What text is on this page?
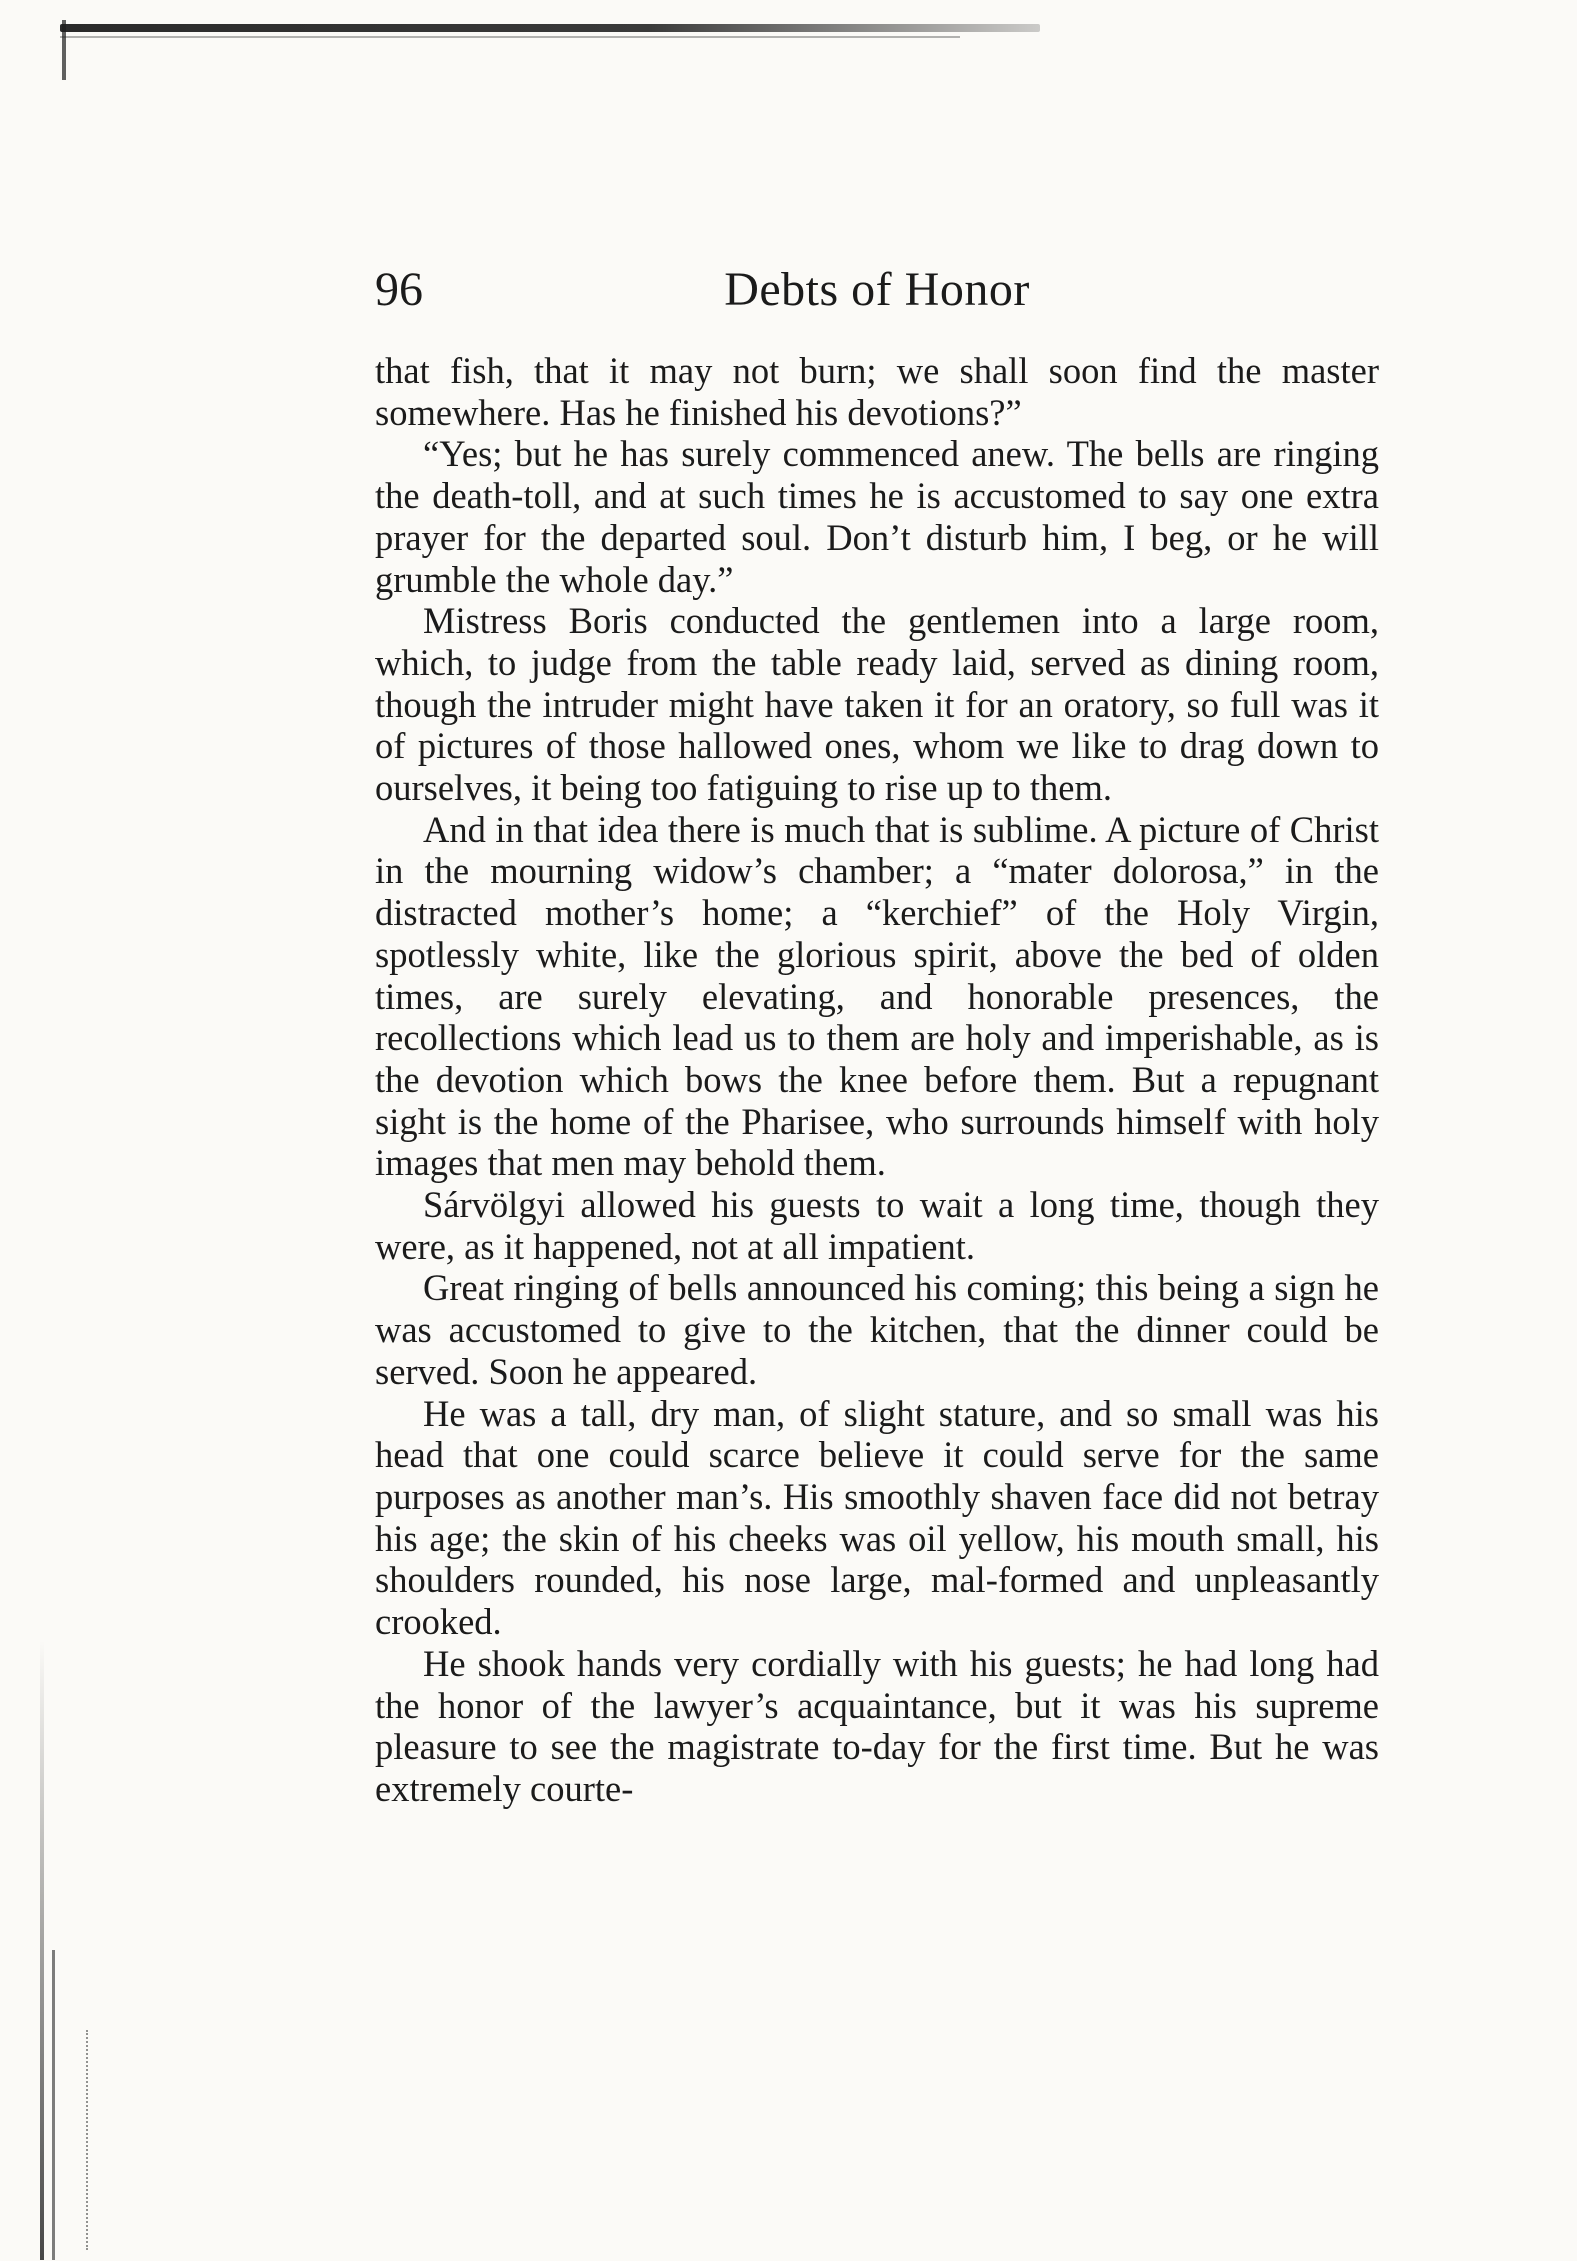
96	Debts of Honor

that fish, that it may not burn; we shall soon find the master somewhere. Has he finished his devotions?”

“Yes; but he has surely commenced anew. The bells are ringing the death-toll, and at such times he is accustomed to say one extra prayer for the departed soul. Don’t disturb him, I beg, or he will grumble the whole day.”

Mistress Boris conducted the gentlemen into a large room, which, to judge from the table ready laid, served as dining room, though the intruder might have taken it for an oratory, so full was it of pictures of those hallowed ones, whom we like to drag down to ourselves, it being too fatiguing to rise up to them.

And in that idea there is much that is sublime. A picture of Christ in the mourning widow’s chamber; a “mater dolorosa,” in the distracted mother’s home; a “kerchief” of the Holy Virgin, spotlessly white, like the glorious spirit, above the bed of olden times, are surely elevating, and honorable presences, the recollections which lead us to them are holy and imperishable, as is the devotion which bows the knee before them. But a repugnant sight is the home of the Pharisee, who surrounds himself with holy images that men may behold them.

Sárvölgyi allowed his guests to wait a long time, though they were, as it happened, not at all impatient.

Great ringing of bells announced his coming; this being a sign he was accustomed to give to the kitchen, that the dinner could be served. Soon he appeared.

He was a tall, dry man, of slight stature, and so small was his head that one could scarce believe it could serve for the same purposes as another man’s. His smoothly shaven face did not betray his age; the skin of his cheeks was oil yellow, his mouth small, his shoulders rounded, his nose large, mal-formed and unpleasantly crooked.

He shook hands very cordially with his guests; he had long had the honor of the lawyer’s acquaintance, but it was his supreme pleasure to see the magistrate to-day for the first time. But he was extremely courte-
